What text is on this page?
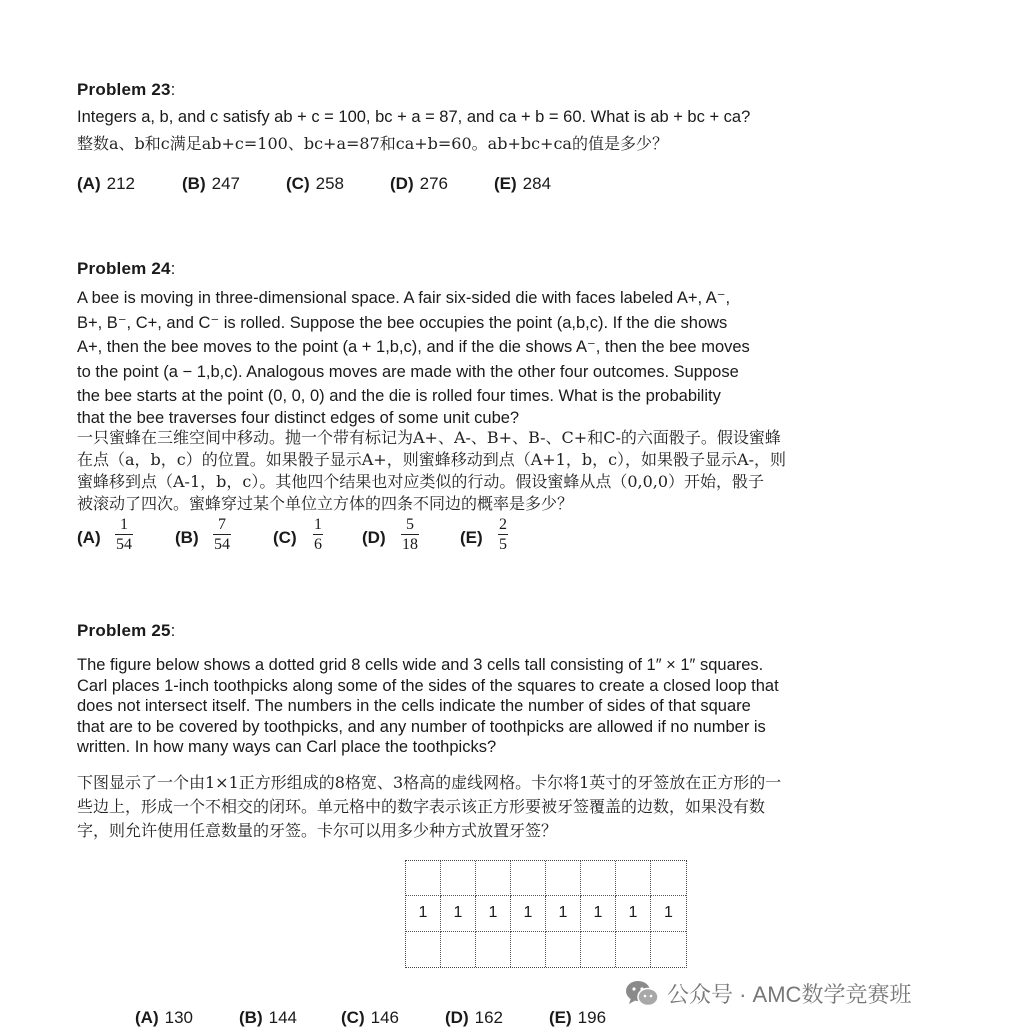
Problem 23:
Integers a, b, and c satisfy ab + c = 100, bc + a = 87, and ca + b = 60. What is ab + bc + ca?
整数a、b和c满足ab+c=100、bc+a=87和ca+b=60。ab+bc+ca的值是多少？
(A) 212	(B) 247	(C) 258	(D) 276	(E) 284
Problem 24:
A bee is moving in three-dimensional space. A fair six-sided die with faces labeled A+, A⁻,
B+, B⁻, C+, and C⁻ is rolled. Suppose the bee occupies the point (a,b,c). If the die shows
A+, then the bee moves to the point (a + 1,b,c), and if the die shows A⁻, then the bee moves
to the point (a − 1,b,c). Analogous moves are made with the other four outcomes. Suppose
the bee starts at the point (0, 0, 0) and the die is rolled four times. What is the probability
that the bee traverses four distinct edges of some unit cube?
一只蜜蜂在三维空间中移动。抛一个带有标记为A+、A-、B+、B-、C+和C-的六面骰子。假设蜜蜂
在点（a，b，c）的位置。如果骰子显示A+，则蜜蜂移动到点（A+1，b，c），如果骰子显示A-，则
蜜蜂移到点（A-1，b，c）。其他四个结果也对应类似的行动。假设蜜蜂从点（0,0,0）开始，骰子
被滚动了四次。蜜蜂穿过某个单位立方体的四条不同边的概率是多少？
$(A) \frac{1}{54} (B) \frac{7}{54} (C)$	$\frac{1}{6} (D) \frac{5}{18} (E) \frac{2}{5}$
Problem 25:
The figure below shows a dotted grid 8 cells wide and 3 cells tall consisting of 1″ × 1″ squares.
Carl places 1-inch toothpicks along some of the sides of the squares to create a closed loop that
does not intersect itself. The numbers in the cells indicate the number of sides of that square
that are to be covered by toothpicks, and any number of toothpicks are allowed if no number is
written. In how many ways can Carl place the toothpicks?
下图显示了一个由1×1正方形组成的8格宽、3格高的虚线网格。卡尔将1英寸的牙签放在正方形的一
些边上，形成一个不相交的闭环。单元格中的数字表示该正方形要被牙签覆盖的边数，如果没有数
字，则允许使用任意数量的牙签。卡尔可以用多少种方式放置牙签？
1	1	1	1	1	1	1	1
(A) 130	(B) 144	(C) 146	(D) 162	(E) 196
公众号 · AMC数学竞赛班
